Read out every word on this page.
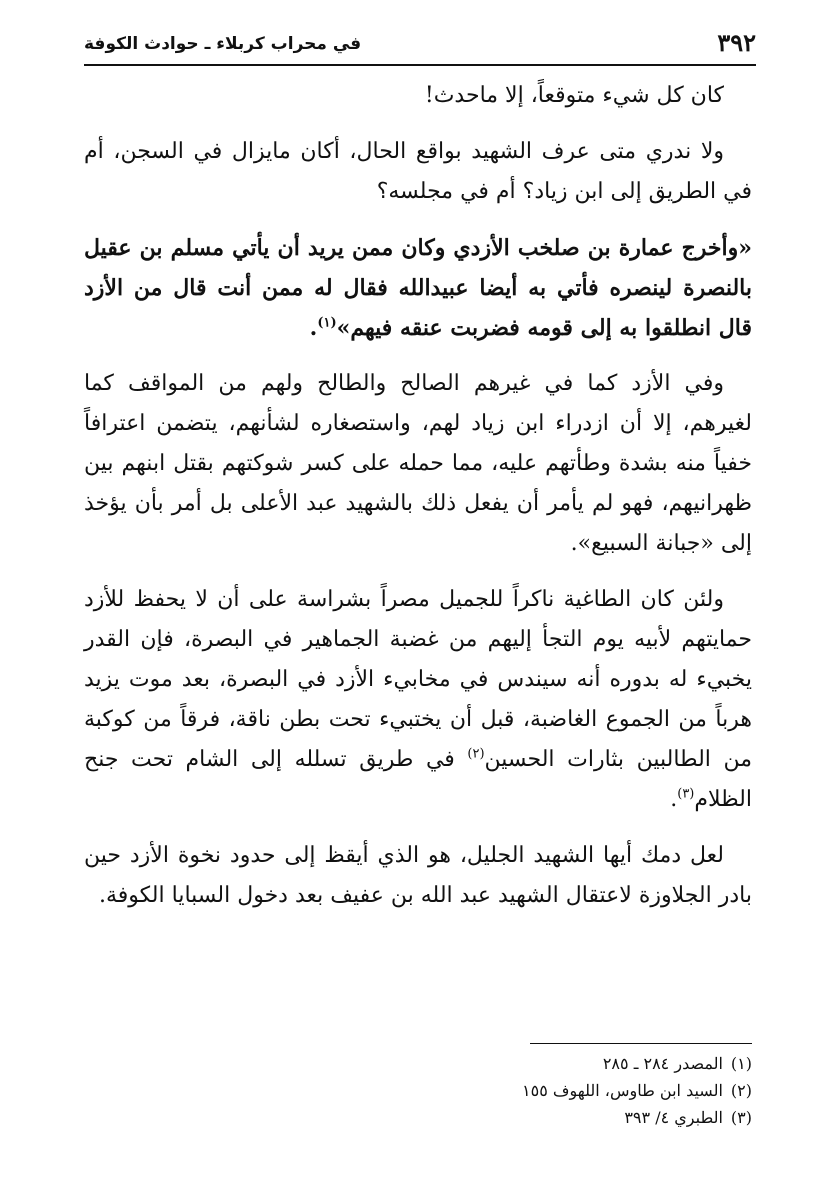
٣٩٢
في محراب كربلاء ـ حوادث الكوفة

كان كل شيء متوقعاً، إلا ماحدث!

ولا ندري متى عرف الشهيد بواقع الحال، أكان مايزال في السجن، أم في الطريق إلى ابن زياد؟ أم في مجلسه؟

«وأخرج عمارة بن صلخب الأزدي وكان ممن يريد أن يأتي مسلم بن عقيل بالنصرة لينصره فأتي به أيضا عبيدالله فقال له ممن أنت قال من الأزد قال انطلقوا به إلى قومه فضربت عنقه فيهم»$^{(١)}$.

وفي الأزد كما في غيرهم الصالح والطالح ولهم من المواقف كما لغيرهم، إلا أن ازدراء ابن زياد لهم، واستصغاره لشأنهم، يتضمن اعترافاً خفياً منه بشدة وطأتهم عليه، مما حمله على كسر شوكتهم بقتل ابنهم بين ظهرانيهم، فهو لم يأمر أن يفعل ذلك بالشهيد عبد الأعلى بل أمر بأن يؤخذ إلى «جبانة السبيع».

ولئن كان الطاغية ناكراً للجميل مصراً بشراسة على أن لا يحفظ للأزد حمايتهم لأبيه يوم التجأ إليهم من غضبة الجماهير في البصرة، فإن القدر يخبيء له بدوره أنه سيندس في مخابيء الأزد في البصرة، بعد موت يزيد هرباً من الجموع الغاضبة، قبل أن يختبيء تحت بطن ناقة، فرقاً من كوكبة من الطالبين بثارات الحسين$^{(٢)}$ في طريق تسلله إلى الشام تحت جنح الظلام$^{(٣)}$.

لعل دمك أيها الشهيد الجليل، هو الذي أيقظ إلى حدود نخوة الأزد حين بادر الجلاوزة لاعتقال الشهيد عبد الله بن عفيف بعد دخول السبايا الكوفة.

(١)المصدر ٢٨٤ ـ ٢٨٥
(٢)السيد ابن طاوس، اللهوف ١٥٥
(٣)الطبري ٤/ ٣٩٣
